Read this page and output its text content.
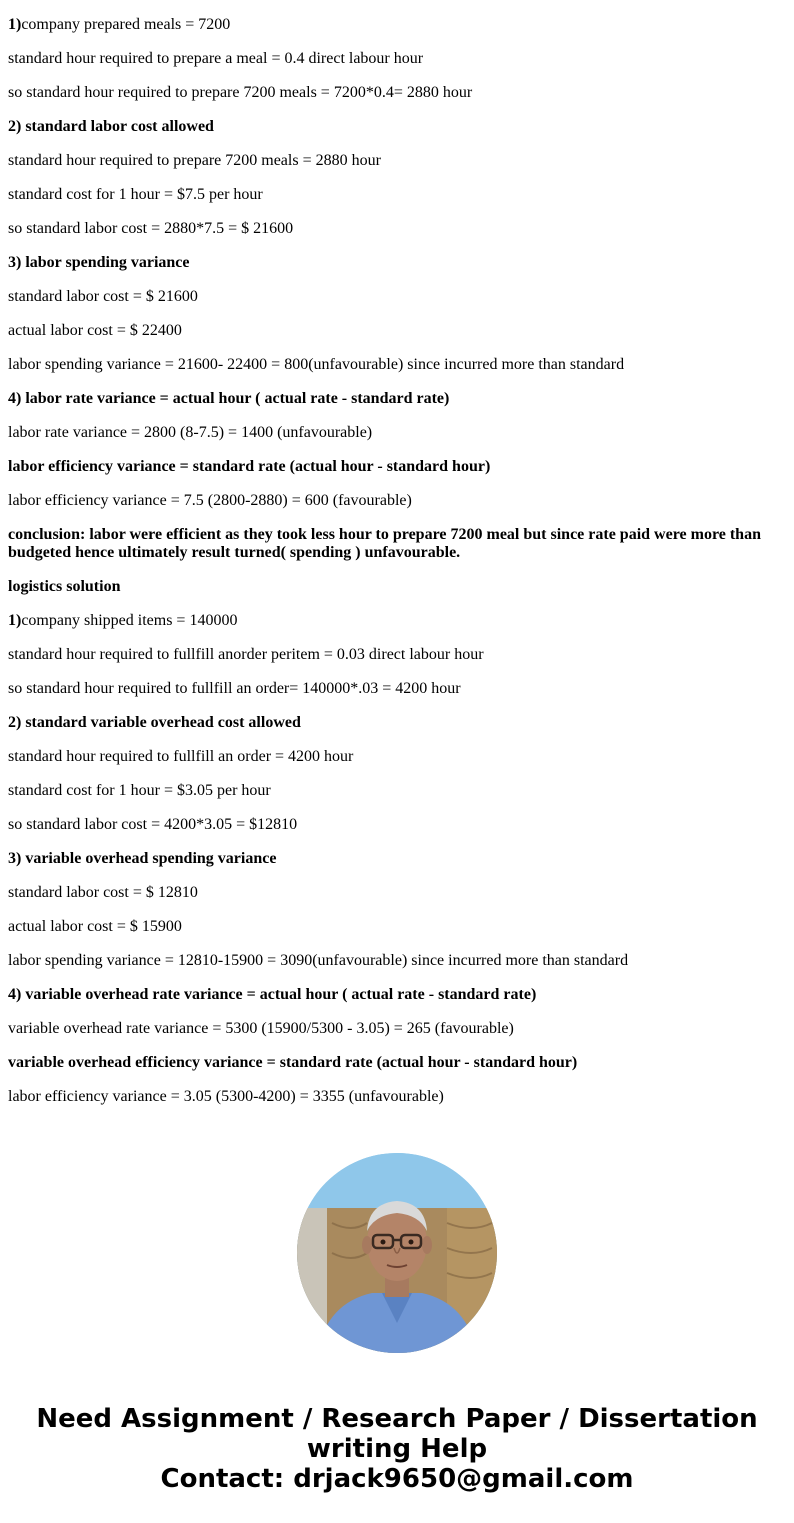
1)company prepared meals = 7200

standard hour required to prepare a meal = 0.4 direct labour hour

so standard hour required to prepare 7200 meals = 7200*0.4= 2880 hour

2) standard labor cost allowed

standard hour required to prepare 7200 meals = 2880 hour

standard cost for 1 hour = $7.5 per hour

so standard labor cost = 2880*7.5 = $ 21600

3) labor spending variance

standard labor cost = $ 21600

actual labor cost = $ 22400

labor spending variance = 21600- 22400 = 800(unfavourable) since incurred more than standard

4) labor rate variance = actual hour ( actual rate - standard rate)

labor rate variance = 2800 (8-7.5) = 1400 (unfavourable)

labor efficiency variance = standard rate (actual hour - standard hour)

labor efficiency variance = 7.5 (2800-2880) = 600 (favourable)

conclusion: labor were efficient as they took less hour to prepare 7200 meal but since rate paid were more than budgeted hence ultimately result turned( spending ) unfavourable.

logistics solution

1)company shipped items = 140000

standard hour required to fullfill anorder peritem = 0.03 direct labour hour

so standard hour required to fullfill an order= 140000*.03 = 4200 hour

2) standard variable overhead cost allowed

standard hour required to fullfill an order = 4200 hour

standard cost for 1 hour = $3.05 per hour

so standard labor cost = 4200*3.05 = $12810

3) variable overhead spending variance

standard labor cost = $ 12810

actual labor cost = $ 15900

labor spending variance = 12810-15900 = 3090(unfavourable) since incurred more than standard

4) variable overhead rate variance = actual hour ( actual rate - standard rate)

variable overhead rate variance = 5300 (15900/5300 - 3.05) = 265 (favourable)

variable overhead efficiency variance = standard rate (actual hour - standard hour)

labor efficiency variance = 3.05 (5300-4200) = 3355 (unfavourable)

Need Assignment / Research Paper / Dissertation
writing Help
Contact: drjack9650@gmail.com
